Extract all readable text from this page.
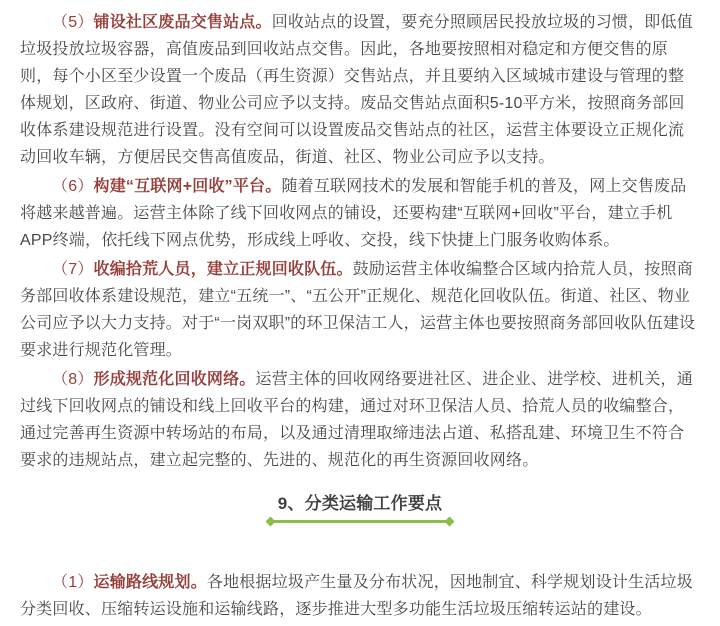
（5）铺设社区废品交售站点。回收站点的设置，要充分照顾居民投放垃圾的习惯，即低值垃圾投放垃圾容器，高值废品到回收站点交售。因此，各地要按照相对稳定和方便交售的原则，每个小区至少设置一个废品（再生资源）交售站点，并且要纳入区域城市建设与管理的整体规划，区政府、街道、物业公司应予以支持。废品交售站点面积5-10平方米，按照商务部回收体系建设规范进行设置。没有空间可以设置废品交售站点的社区，运营主体要设立正规化流动回收车辆，方便居民交售高值废品，街道、社区、物业公司应予以支持。

（6）构建“互联网+回收”平台。随着互联网技术的发展和智能手机的普及，网上交售废品将越来越普遍。运营主体除了线下回收网点的铺设，还要构建“互联网+回收”平台，建立手机APP终端，依托线下网点优势，形成线上呼收、交投，线下快捷上门服务收购体系。

（7）收编拾荒人员，建立正规回收队伍。鼓励运营主体收编整合区域内拾荒人员，按照商务部回收体系建设规范，建立“五统一”、“五公开”正规化、规范化回收队伍。街道、社区、物业公司应予以大力支持。对于“一岗双职”的环卫保洁工人，运营主体也要按照商务部回收队伍建设要求进行规范化管理。

（8）形成规范化回收网络。运营主体的回收网络要进社区、进企业、进学校、进机关，通过线下回收网点的铺设和线上回收平台的构建，通过对环卫保洁人员、拾荒人员的收编整合，通过完善再生资源中转场站的布局，以及通过清理取缔违法占道、私搭乱建、环境卫生不符合要求的违规站点，建立起完整的、先进的、规范化的再生资源回收网络。

9、分类运输工作要点

（1）运输路线规划。各地根据垃圾产生量及分布状况，因地制宜、科学规划设计生活垃圾分类回收、压缩转运设施和运输线路，逐步推进大型多功能生活垃圾压缩转运站的建设。
